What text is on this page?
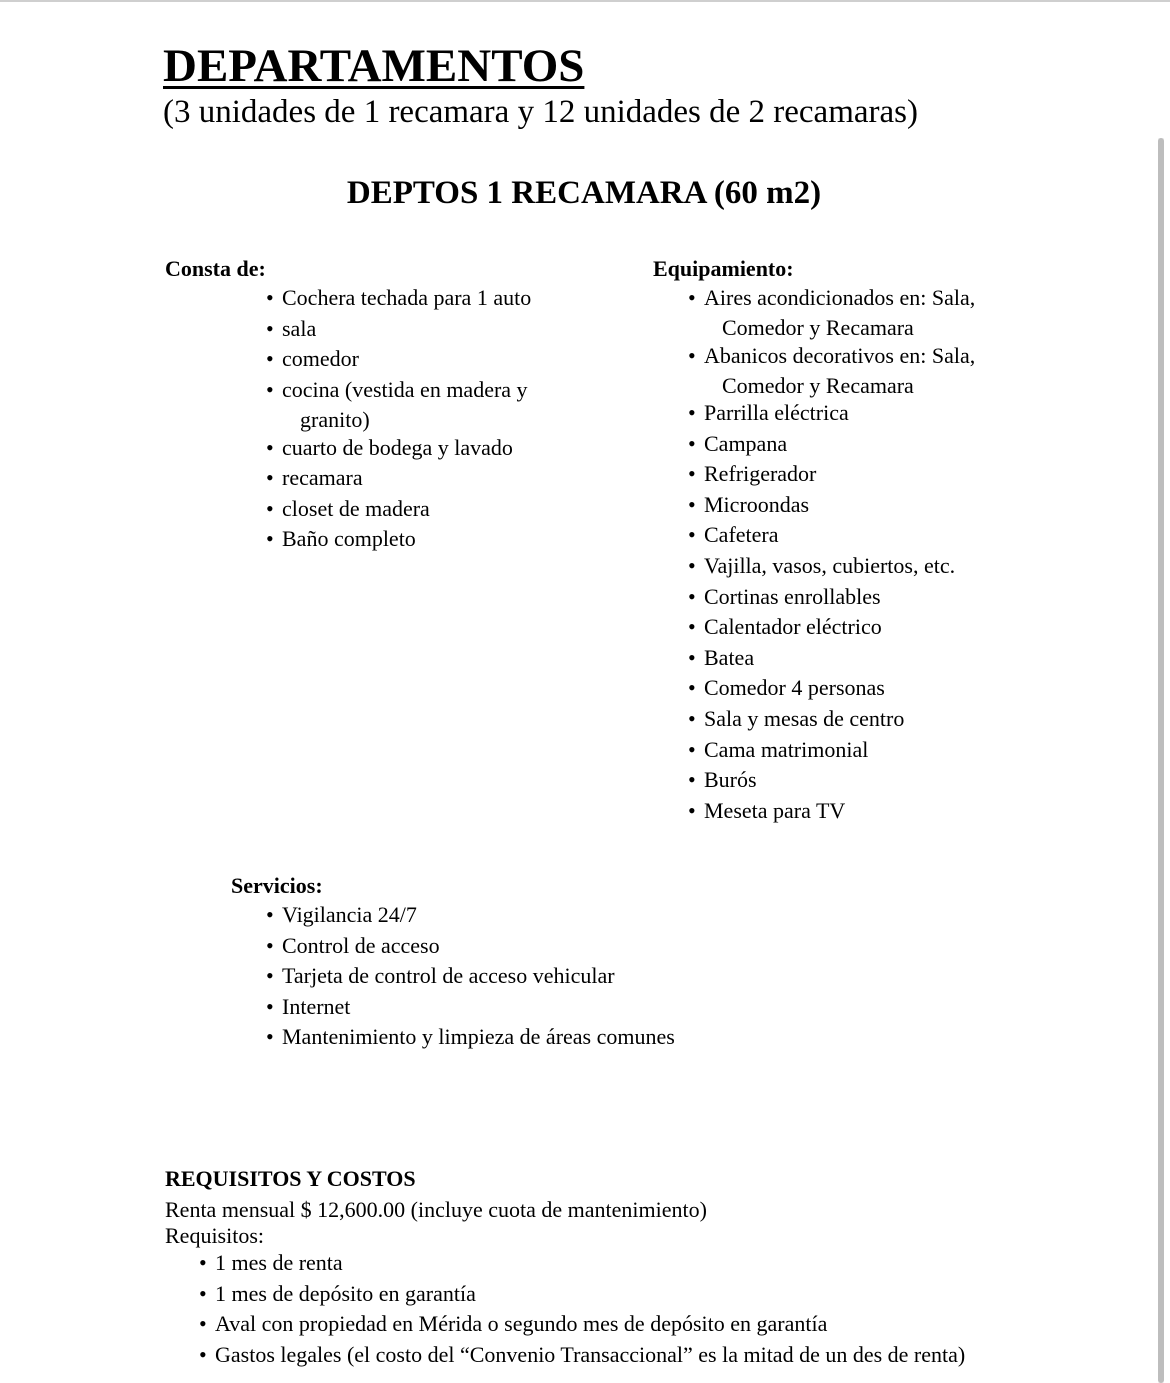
DEPARTAMENTOS
(3 unidades de 1 recamara y 12 unidades de 2 recamaras)
DEPTOS 1 RECAMARA (60 m2)
Consta de:
• Cochera techada para 1 auto
• sala
• comedor
• cocina (vestida en madera y
granito)
• cuarto de bodega y lavado
• recamara
• closet de madera
• Baño completo
Equipamiento:
• Aires acondicionados en: Sala,
Comedor y Recamara
• Abanicos decorativos en: Sala,
Comedor y Recamara
• Parrilla eléctrica
• Campana
• Refrigerador
• Microondas
• Cafetera
• Vajilla, vasos, cubiertos, etc.
• Cortinas enrollables
• Calentador eléctrico
• Batea
• Comedor 4 personas
• Sala y mesas de centro
• Cama matrimonial
• Burós
• Meseta para TV
Servicios:
• Vigilancia 24/7
• Control de acceso
• Tarjeta de control de acceso vehicular
• Internet
• Mantenimiento y limpieza de áreas comunes
REQUISITOS Y COSTOS
Renta mensual $ 12,600.00 (incluye cuota de mantenimiento)
Requisitos:
• 1 mes de renta
• 1 mes de depósito en garantía
• Aval con propiedad en Mérida o segundo mes de depósito en garantía
• Gastos legales (el costo del “Convenio Transaccional” es la mitad de un des de renta)
